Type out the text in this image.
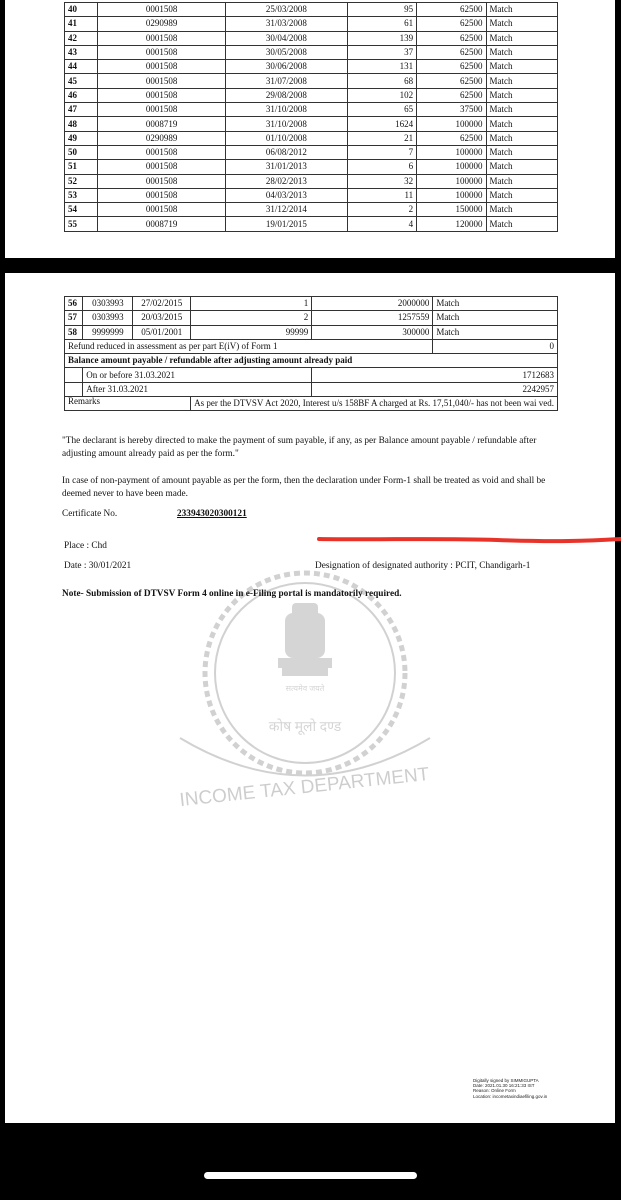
40	0001508	25/03/2008	95	62500	Match
41	0290989	31/03/2008	61	62500	Match
42	0001508	30/04/2008	139	62500	Match
43	0001508	30/05/2008	37	62500	Match
44	0001508	30/06/2008	131	62500	Match
45	0001508	31/07/2008	68	62500	Match
46	0001508	29/08/2008	102	62500	Match
47	0001508	31/10/2008	65	37500	Match
48	0008719	31/10/2008	1624	100000	Match
49	0290989	01/10/2008	21	62500	Match
50	0001508	06/08/2012	7	100000	Match
51	0001508	31/01/2013	6	100000	Match
52	0001508	28/02/2013	32	100000	Match
53	0001508	04/03/2013	11	100000	Match
54	0001508	31/12/2014	2	150000	Match
55	0008719	19/01/2015	4	120000	Match
56	0303993	27/02/2015	1	2000000	Match
57	0303993	20/03/2015	2	1257559	Match
58	9999999	05/01/2001	99999	300000	Match
Refund reduced in assessment as per part E(iV) of Form 1					0
Balance amount payable / refundable after adjusting amount already paid					
	On or before 31.03.2021			1712683	
	After 31.03.2021			2242957	
Remarks			As per the DTVSV Act 2020, Interest u/s 158BF A charged at Rs. 17,51,040/- has not been wai ved.		
"The declarant is hereby directed to make the payment of sum payable, if any, as per Balance amount payable / refundable after adjusting amount already paid as per the form."
In case of non-payment of amount payable as per the form, then the declaration under Form-1 shall be treated as void and shall be deemed never to have been made.
Certificate No.	233943020300121
Place : Chd
Date : 30/01/2021	Designation of designated authority : PCIT, Chandigarh-1
Note- Submission of DTVSV Form 4 online in e-Filing portal is mandatorily required.
सत्यमेव जयते
कोष मूलो दण्ड
INCOME TAX DEPARTMENT
Digitally signed by SIMMIGUPTA
Date: 2021.01.30 16:21:33 IST
Reason: Online Form
Location: incometaxindiaefiling.gov.in
